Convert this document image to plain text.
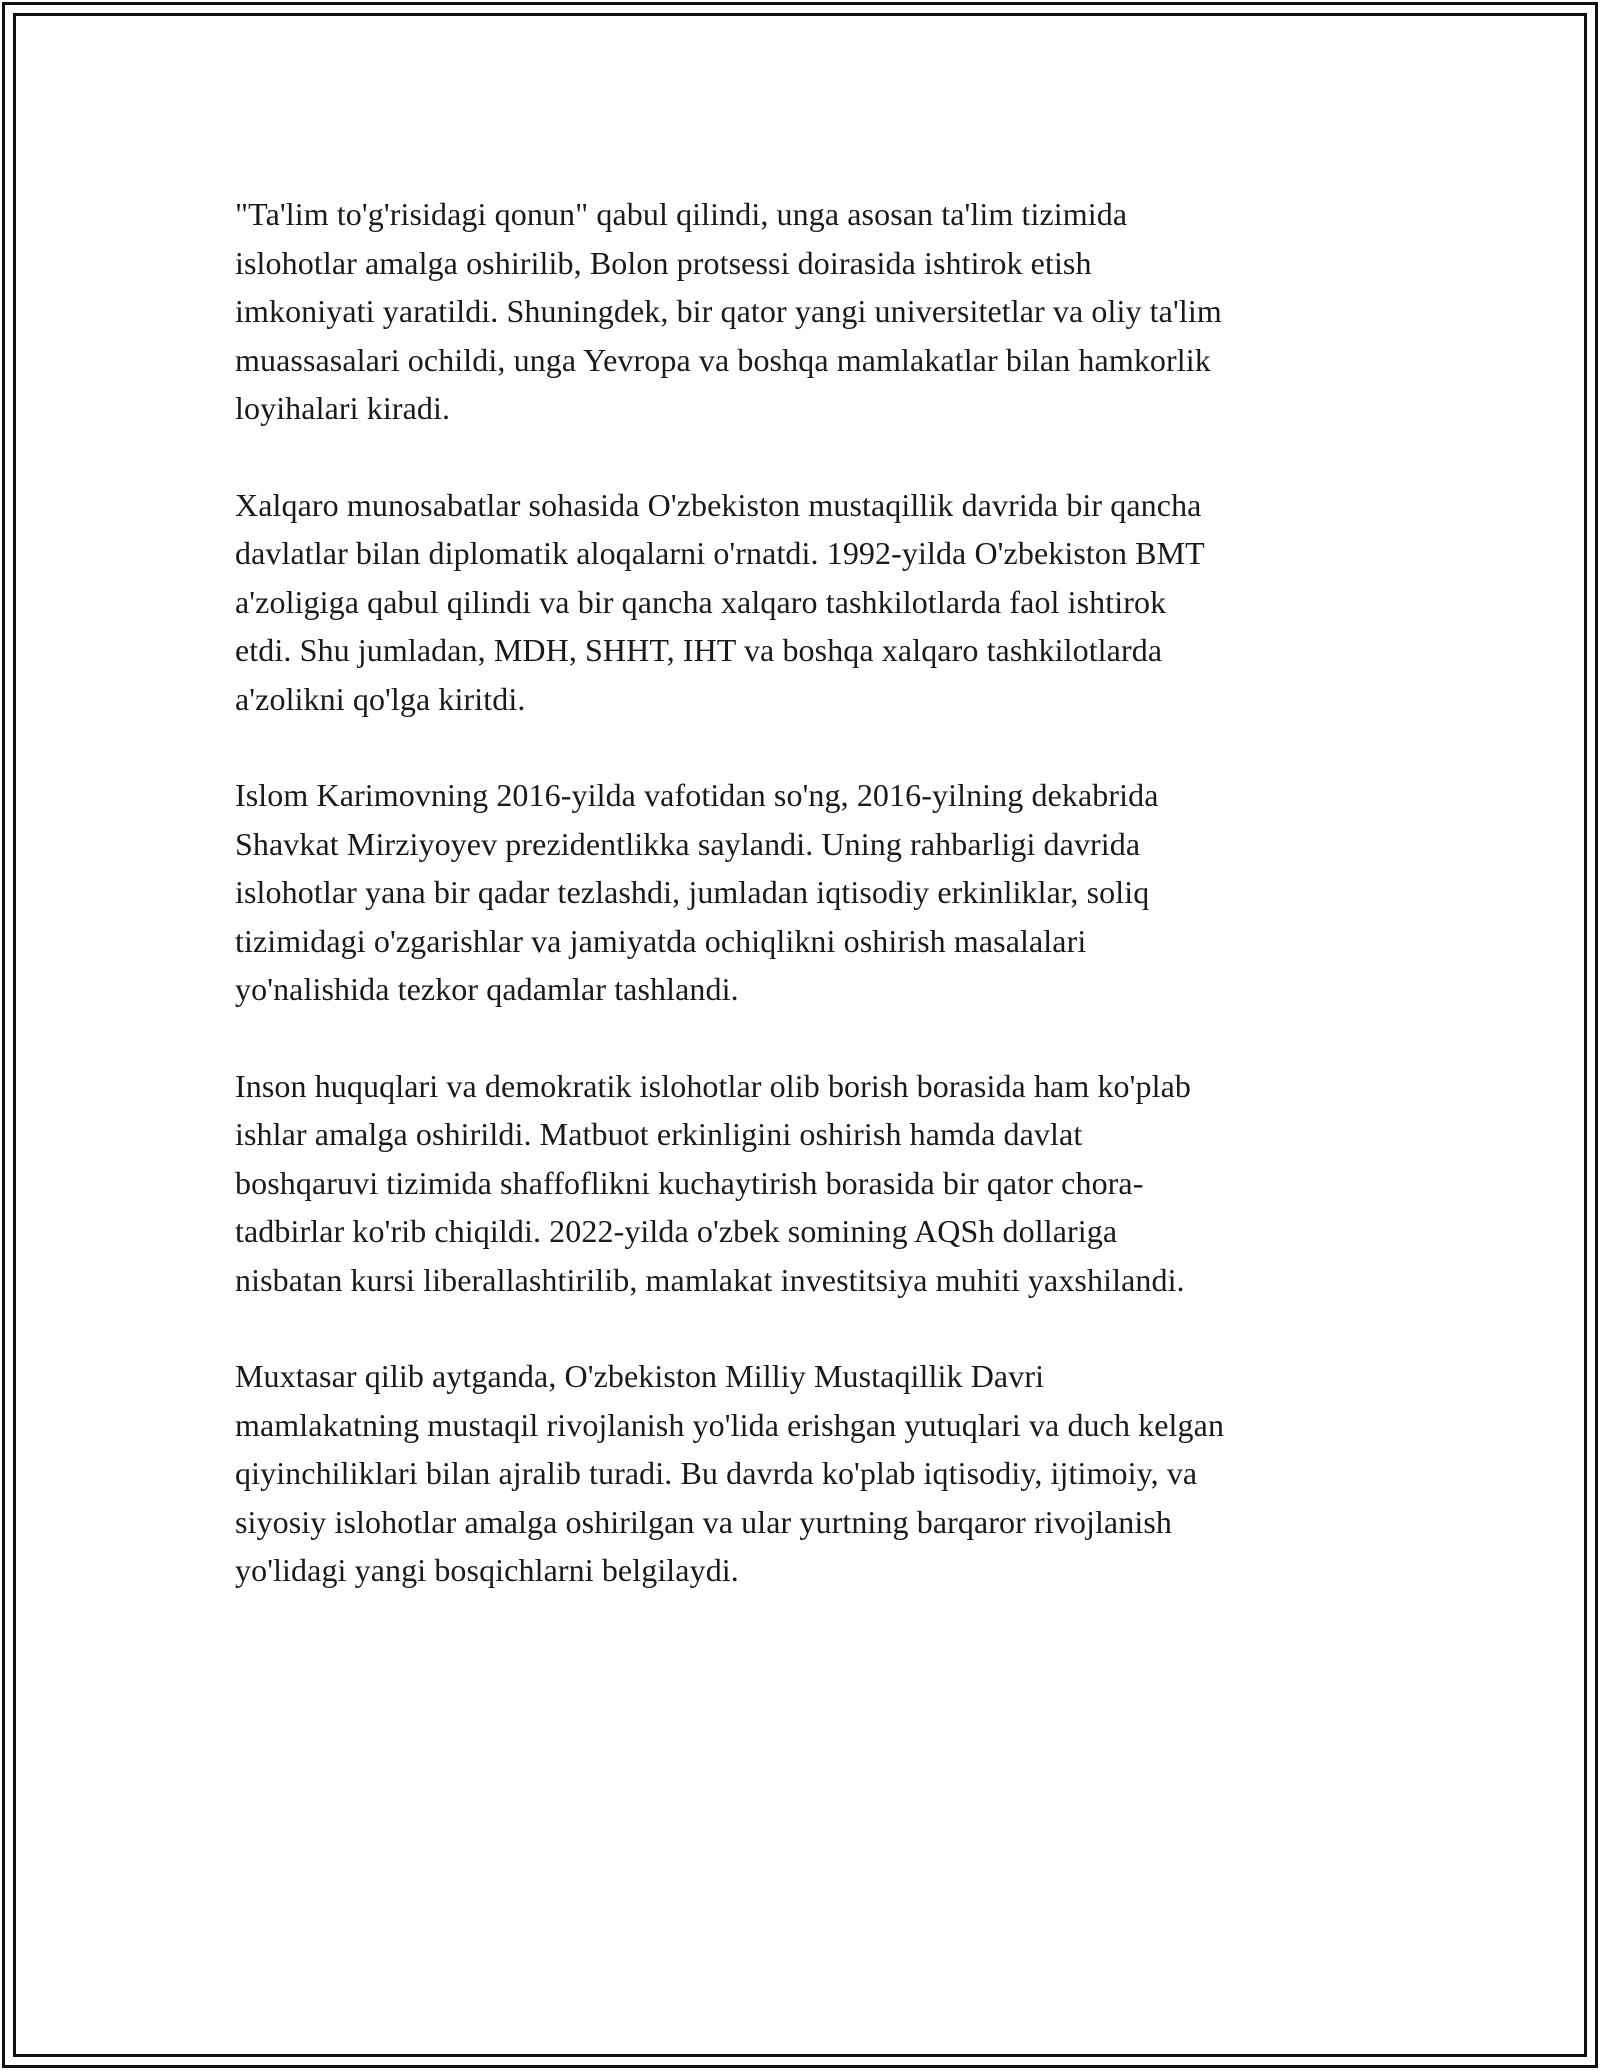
"Ta'lim to'g'risidagi qonun" qabul qilindi, unga asosan ta'lim tizimida
islohotlar amalga oshirilib, Bolon protsessi doirasida ishtirok etish
imkoniyati yaratildi. Shuningdek, bir qator yangi universitetlar va oliy ta'lim
muassasalari ochildi, unga Yevropa va boshqa mamlakatlar bilan hamkorlik
loyihalari kiradi.

Xalqaro munosabatlar sohasida O'zbekiston mustaqillik davrida bir qancha
davlatlar bilan diplomatik aloqalarni o'rnatdi. 1992-yilda O'zbekiston BMT
a'zoligiga qabul qilindi va bir qancha xalqaro tashkilotlarda faol ishtirok
etdi. Shu jumladan, MDH, SHHT, IHT va boshqa xalqaro tashkilotlarda
a'zolikni qo'lga kiritdi.

Islom Karimovning 2016-yilda vafotidan so'ng, 2016-yilning dekabrida
Shavkat Mirziyoyev prezidentlikka saylandi. Uning rahbarligi davrida
islohotlar yana bir qadar tezlashdi, jumladan iqtisodiy erkinliklar, soliq
tizimidagi o'zgarishlar va jamiyatda ochiqlikni oshirish masalalari
yo'nalishida tezkor qadamlar tashlandi.

Inson huquqlari va demokratik islohotlar olib borish borasida ham ko'plab
ishlar amalga oshirildi. Matbuot erkinligini oshirish hamda davlat
boshqaruvi tizimida shaffoflikni kuchaytirish borasida bir qator chora-
tadbirlar ko'rib chiqildi. 2022-yilda o'zbek somining AQSh dollariga
nisbatan kursi liberallashtirilib, mamlakat investitsiya muhiti yaxshilandi.

Muxtasar qilib aytganda, O'zbekiston Milliy Mustaqillik Davri
mamlakatning mustaqil rivojlanish yo'lida erishgan yutuqlari va duch kelgan
qiyinchiliklari bilan ajralib turadi. Bu davrda ko'plab iqtisodiy, ijtimoiy, va
siyosiy islohotlar amalga oshirilgan va ular yurtning barqaror rivojlanish
yo'lidagi yangi bosqichlarni belgilaydi.
